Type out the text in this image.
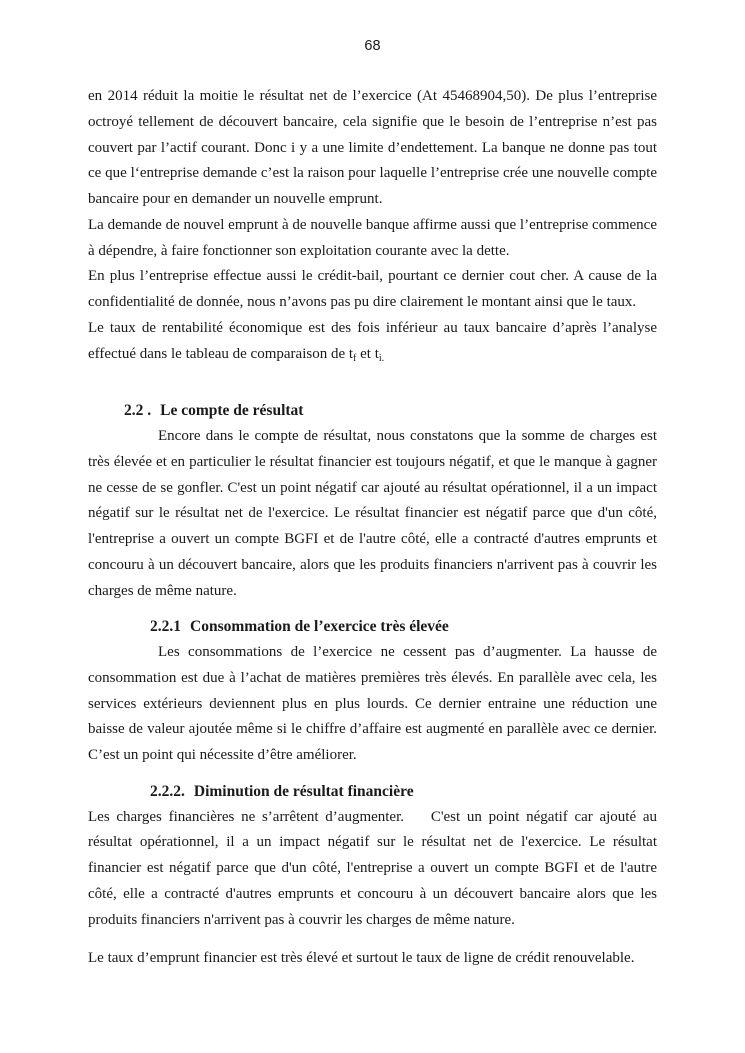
68

en 2014 réduit la moitie le résultat net de l’exercice (At 45468904,50). De plus l’entreprise octroyé tellement de découvert bancaire, cela signifie que le besoin de l’entreprise n’est pas couvert par l’actif courant. Donc i y a une limite d’endettement. La banque ne donne pas tout ce que l‘entreprise demande c’est la raison pour laquelle l’entreprise crée une nouvelle compte bancaire pour en demander un nouvelle emprunt.

La demande de nouvel emprunt à de nouvelle banque affirme aussi que l’entreprise commence à dépendre, à faire fonctionner son exploitation courante avec la dette.

En plus l’entreprise effectue aussi le crédit-bail, pourtant ce dernier cout cher. A cause de la confidentialité de donnée, nous n’avons pas pu dire clairement le montant ainsi que le taux.

Le taux de rentabilité économique est des fois inférieur au taux bancaire d’après l’analyse effectué dans le tableau de comparaison de $t_f$ et $t_{i.}$

2.2 . Le compte de résultat

Encore dans le compte de résultat, nous constatons que la somme de charges est très élevée et en particulier le résultat financier est toujours négatif, et que le manque à gagner ne cesse de se gonfler. C'est un point négatif car ajouté au résultat opérationnel, il a un impact négatif sur le résultat net de l'exercice. Le résultat financier est négatif parce que d'un côté, l'entreprise a ouvert un compte BGFI et de l'autre côté, elle a contracté d'autres emprunts et concouru à un découvert bancaire, alors que les produits financiers n'arrivent pas à couvrir les charges de même nature.

2.2.1 Consommation de l’exercice très élevée

Les consommations de l’exercice ne cessent pas d’augmenter. La hausse de consommation est due à l’achat de matières premières très élevés. En parallèle avec cela, les services extérieurs deviennent plus en plus lourds. Ce dernier entraine une réduction une baisse de valeur ajoutée même si le chiffre d’affaire est augmenté en parallèle avec ce dernier. C’est un point qui nécessite d’être améliorer.

2.2.2. Diminution de résultat financière

Les charges financières ne s’arrêtent d’augmenter.    C'est un point négatif car ajouté au résultat opérationnel, il a un impact négatif sur le résultat net de l'exercice. Le résultat financier est négatif parce que d'un côté, l'entreprise a ouvert un compte BGFI et de l'autre côté, elle a contracté d'autres emprunts et concouru à un découvert bancaire alors que les produits financiers n'arrivent pas à couvrir les charges de même nature.

Le taux d’emprunt financier est très élevé et surtout le taux de ligne de crédit renouvelable.
